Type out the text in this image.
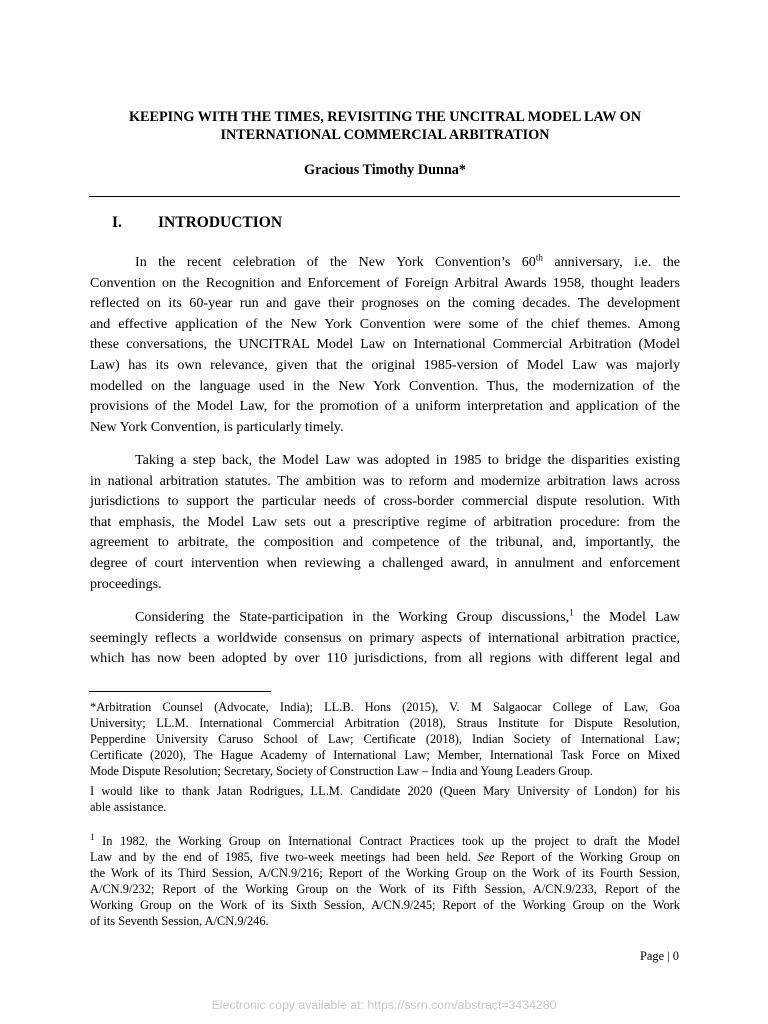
KEEPING WITH THE TIMES, REVISITING THE UNCITRAL MODEL LAW ON
INTERNATIONAL COMMERCIAL ARBITRATION
Gracious Timothy Dunna*
I. INTRODUCTION
In the recent celebration of the New York Convention’s 60th anniversary, i.e. the
Convention on the Recognition and Enforcement of Foreign Arbitral Awards 1958, thought leaders
reflected on its 60-year run and gave their prognoses on the coming decades. The development
and effective application of the New York Convention were some of the chief themes. Among
these conversations, the UNCITRAL Model Law on International Commercial Arbitration (Model
Law) has its own relevance, given that the original 1985-version of Model Law was majorly
modelled on the language used in the New York Convention. Thus, the modernization of the
provisions of the Model Law, for the promotion of a uniform interpretation and application of the
New York Convention, is particularly timely.
Taking a step back, the Model Law was adopted in 1985 to bridge the disparities existing
in national arbitration statutes. The ambition was to reform and modernize arbitration laws across
jurisdictions to support the particular needs of cross-border commercial dispute resolution. With
that emphasis, the Model Law sets out a prescriptive regime of arbitration procedure: from the
agreement to arbitrate, the composition and competence of the tribunal, and, importantly, the
degree of court intervention when reviewing a challenged award, in annulment and enforcement
proceedings.
Considering the State-participation in the Working Group discussions,$^1$ the Model Law
seemingly reflects a worldwide consensus on primary aspects of international arbitration practice,
which has now been adopted by over 110 jurisdictions, from all regions with different legal and
*Arbitration Counsel (Advocate, India); LL.B. Hons (2015), V. M Salgaocar College of Law, Goa
University; LL.M. International Commercial Arbitration (2018), Straus Institute for Dispute Resolution,
Pepperdine University Caruso School of Law; Certificate (2018), Indian Society of International Law;
Certificate (2020), The Hague Academy of International Law; Member, International Task Force on Mixed
Mode Dispute Resolution; Secretary, Society of Construction Law – India and Young Leaders Group.
I would like to thank Jatan Rodrigues, LL.M. Candidate 2020 (Queen Mary University of London) for his
able assistance.
$^1$ In 1982, the Working Group on International Contract Practices took up the project to draft the Model
Law and by the end of 1985, five two-week meetings had been held. See Report of the Working Group on
the Work of its Third Session, A/CN.9/216; Report of the Working Group on the Work of its Fourth Session,
A/CN.9/232; Report of the Working Group on the Work of its Fifth Session, A/CN.9/233, Report of the
Working Group on the Work of its Sixth Session, A/CN.9/245; Report of the Working Group on the Work
of its Seventh Session, A/CN.9/246.
Page | 0
Electronic copy available at: https://ssrn.com/abstract=3434280
